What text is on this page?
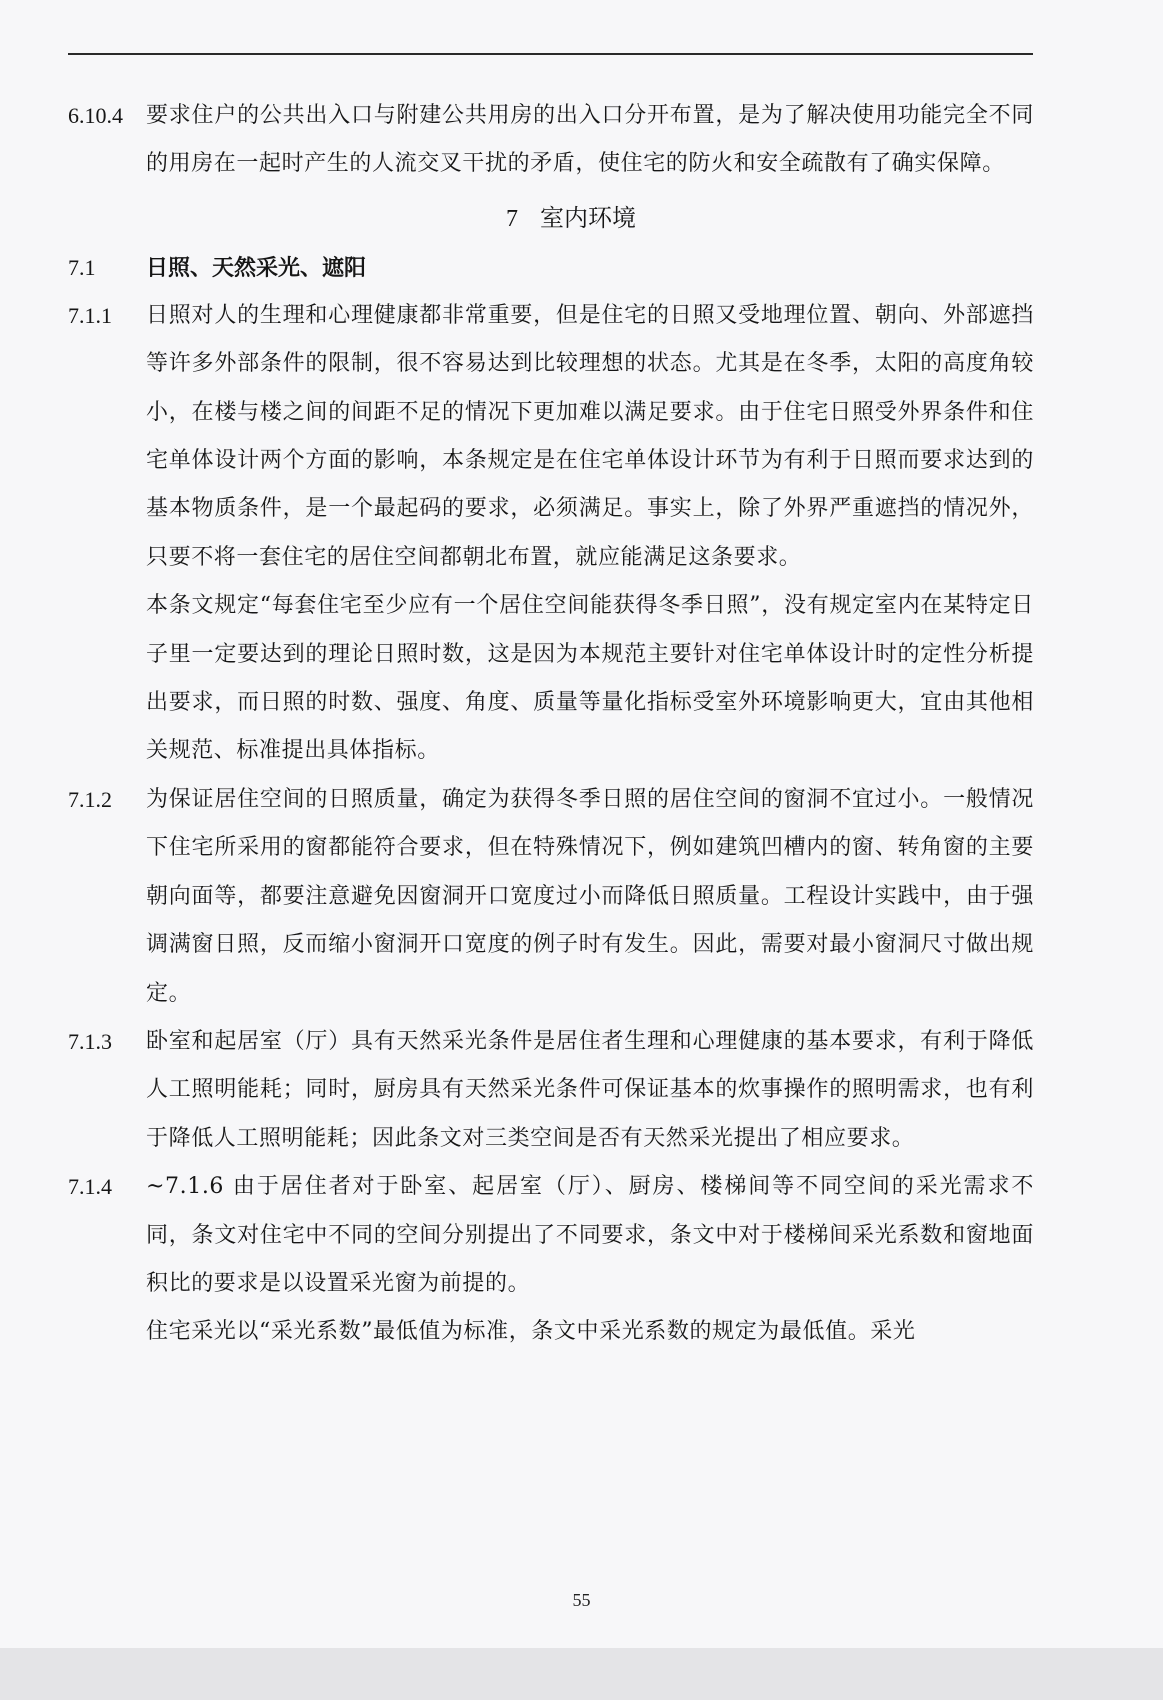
6.10.4 要求住户的公共出入口与附建公共用房的出入口分开布置，是为了解决使用功能完全不同的用房在一起时产生的人流交叉干扰的矛盾，使住宅的防火和安全疏散有了确实保障。
7 室内环境
7.1 日照、天然采光、遮阳
7.1.1 日照对人的生理和心理健康都非常重要，但是住宅的日照又受地理位置、朝向、外部遮挡等许多外部条件的限制，很不容易达到比较理想的状态。尤其是在冬季，太阳的高度角较小，在楼与楼之间的间距不足的情况下更加难以满足要求。由于住宅日照受外界条件和住宅单体设计两个方面的影响，本条规定是在住宅单体设计环节为有利于日照而要求达到的基本物质条件，是一个最起码的要求，必须满足。事实上，除了外界严重遮挡的情况外，只要不将一套住宅的居住空间都朝北布置，就应能满足这条要求。
本条文规定“每套住宅至少应有一个居住空间能获得冬季日照”，没有规定室内在某特定日子里一定要达到的理论日照时数，这是因为本规范主要针对住宅单体设计时的定性分析提出要求，而日照的时数、强度、角度、质量等量化指标受室外环境影响更大，宜由其他相关规范、标准提出具体指标。
7.1.2 为保证居住空间的日照质量，确定为获得冬季日照的居住空间的窗洞不宜过小。一般情况下住宅所采用的窗都能符合要求，但在特殊情况下，例如建筑凹槽内的窗、转角窗的主要朝向面等，都要注意避免因窗洞开口宽度过小而降低日照质量。工程设计实践中，由于强调满窗日照，反而缩小窗洞开口宽度的例子时有发生。因此，需要对最小窗洞尺寸做出规定。
7.1.3 卧室和起居室（厅）具有天然采光条件是居住者生理和心理健康的基本要求，有利于降低人工照明能耗；同时，厨房具有天然采光条件可保证基本的炊事操作的照明需求，也有利于降低人工照明能耗；因此条文对三类空间是否有天然采光提出了相应要求。
7.1.4 ~7.1.6 由于居住者对于卧室、起居室（厅）、厨房、楼梯间等不同空间的采光需求不同，条文对住宅中不同的空间分别提出了不同要求，条文中对于楼梯间采光系数和窗地面积比的要求是以设置采光窗为前提的。
住宅采光以“采光系数”最低值为标准，条文中采光系数的规定为最低值。采光
55
